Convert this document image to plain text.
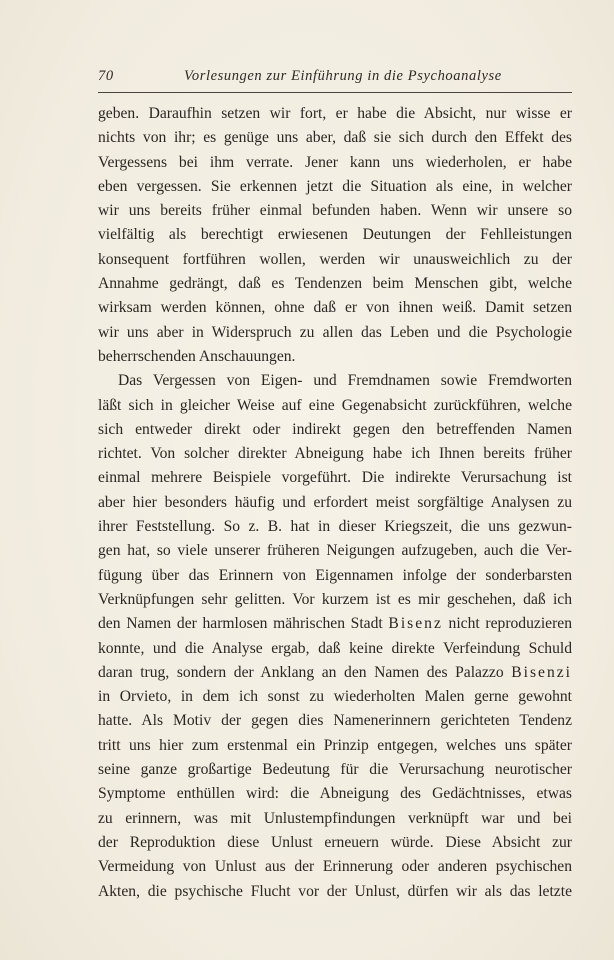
70	Vorlesungen zur Einführung in die Psychoanalyse
geben. Daraufhin setzen wir fort, er habe die Absicht, nur wisse er
nichts von ihr; es genüge uns aber, daß sie sich durch den Effekt des
Vergessens bei ihm verrate. Jener kann uns wiederholen, er habe
eben vergessen. Sie erkennen jetzt die Situation als eine, in welcher
wir uns bereits früher einmal befunden haben. Wenn wir unsere so
vielfältig als berechtigt erwiesenen Deutungen der Fehlleistungen
konsequent fortführen wollen, werden wir unausweichlich zu der
Annahme gedrängt, daß es Tendenzen beim Menschen gibt, welche
wirksam werden können, ohne daß er von ihnen weiß. Damit setzen
wir uns aber in Widerspruch zu allen das Leben und die Psychologie
beherrschenden Anschauungen.
Das Vergessen von Eigen- und Fremdnamen sowie Fremdworten
läßt sich in gleicher Weise auf eine Gegenabsicht zurückführen, welche
sich entweder direkt oder indirekt gegen den betreffenden Namen
richtet. Von solcher direkter Abneigung habe ich Ihnen bereits früher
einmal mehrere Beispiele vorgeführt. Die indirekte Verursachung ist
aber hier besonders häufig und erfordert meist sorgfältige Analysen zu
ihrer Feststellung. So z. B. hat in dieser Kriegszeit, die uns gezwun-
gen hat, so viele unserer früheren Neigungen aufzugeben, auch die Ver-
fügung über das Erinnern von Eigennamen infolge der sonderbarsten
Verknüpfungen sehr gelitten. Vor kurzem ist es mir geschehen, daß ich
den Namen der harmlosen mährischen Stadt Bisenz nicht reproduzieren
konnte, und die Analyse ergab, daß keine direkte Verfeindung Schuld
daran trug, sondern der Anklang an den Namen des Palazzo Bisenzi
in Orvieto, in dem ich sonst zu wiederholten Malen gerne gewohnt
hatte. Als Motiv der gegen dies Namenerinnern gerichteten Tendenz
tritt uns hier zum erstenmal ein Prinzip entgegen, welches uns später
seine ganze großartige Bedeutung für die Verursachung neurotischer
Symptome enthüllen wird: die Abneigung des Gedächtnisses, etwas
zu erinnern, was mit Unlustempfindungen verknüpft war und bei
der Reproduktion diese Unlust erneuern würde. Diese Absicht zur
Vermeidung von Unlust aus der Erinnerung oder anderen psychischen
Akten, die psychische Flucht vor der Unlust, dürfen wir als das letzte
